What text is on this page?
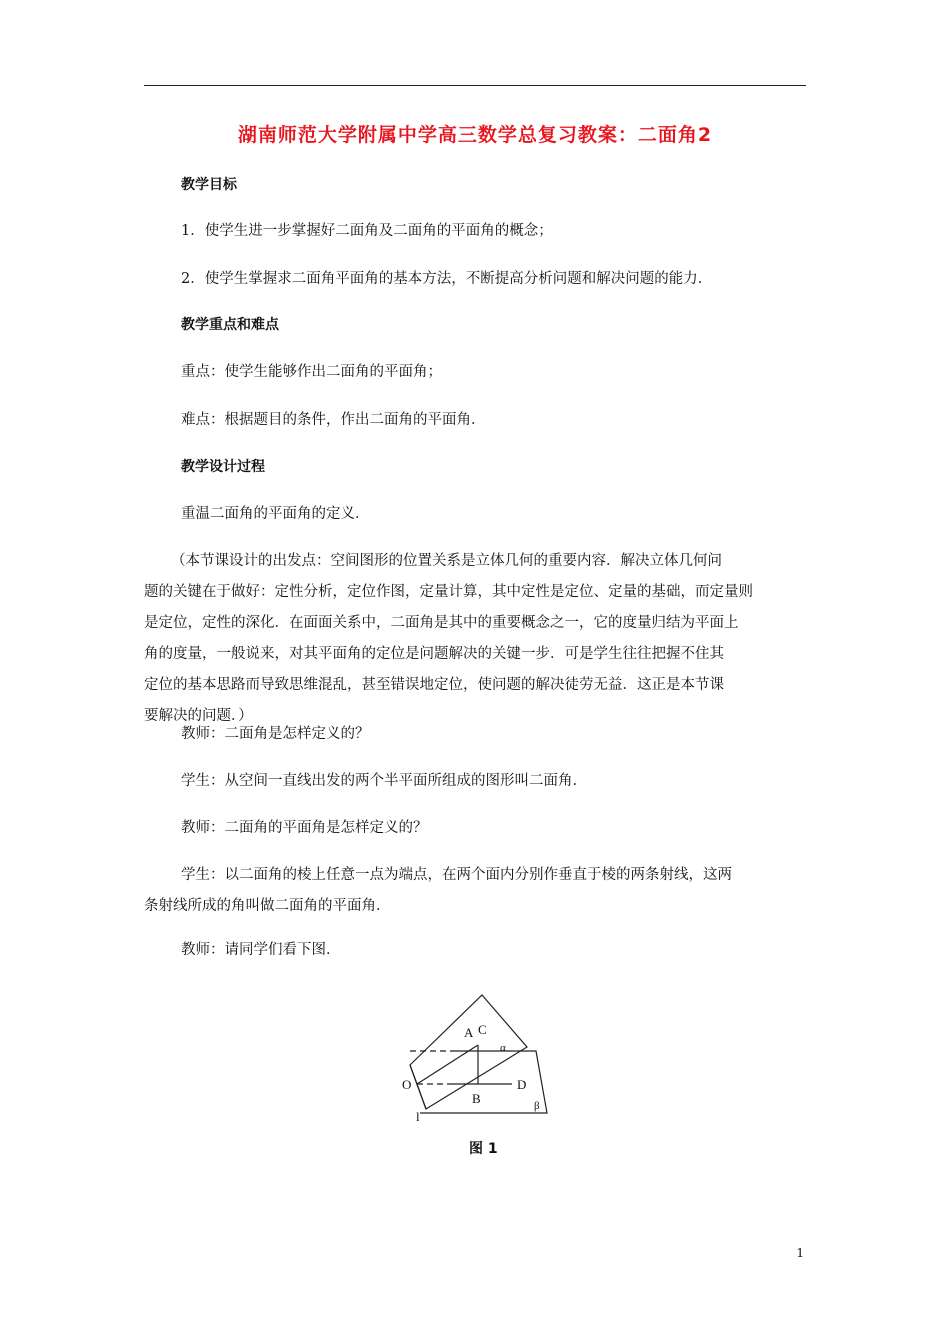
湖南师范大学附属中学高三数学总复习教案：二面角2
教学目标
1．使学生进一步掌握好二面角及二面角的平面角的概念；
2．使学生掌握求二面角平面角的基本方法，不断提高分析问题和解决问题的能力．
教学重点和难点
重点：使学生能够作出二面角的平面角；
难点：根据题目的条件，作出二面角的平面角．
教学设计过程
重温二面角的平面角的定义．
（本节课设计的出发点：空间图形的位置关系是立体几何的重要内容．解决立体几何问
题的关键在于做好：定性分析，定位作图，定量计算，其中定性是定位、定量的基础，而定量则
是定位，定性的深化．在面面关系中，二面角是其中的重要概念之一，它的度量归结为平面上
角的度量，一般说来，对其平面角的定位是问题解决的关键一步．可是学生往往把握不住其
定位的基本思路而导致思维混乱，甚至错误地定位，使问题的解决徒劳无益．这正是本节课
要解决的问题．）
教师：二面角是怎样定义的？
学生：从空间一直线出发的两个半平面所组成的图形叫二面角．
教师：二面角的平面角是怎样定义的？
学生：以二面角的棱上任意一点为端点，在两个面内分别作垂直于棱的两条射线，这两
条射线所成的角叫做二面角的平面角．
教师：请同学们看下图．
A C
α
O
B
D
β
l
图 1
1
